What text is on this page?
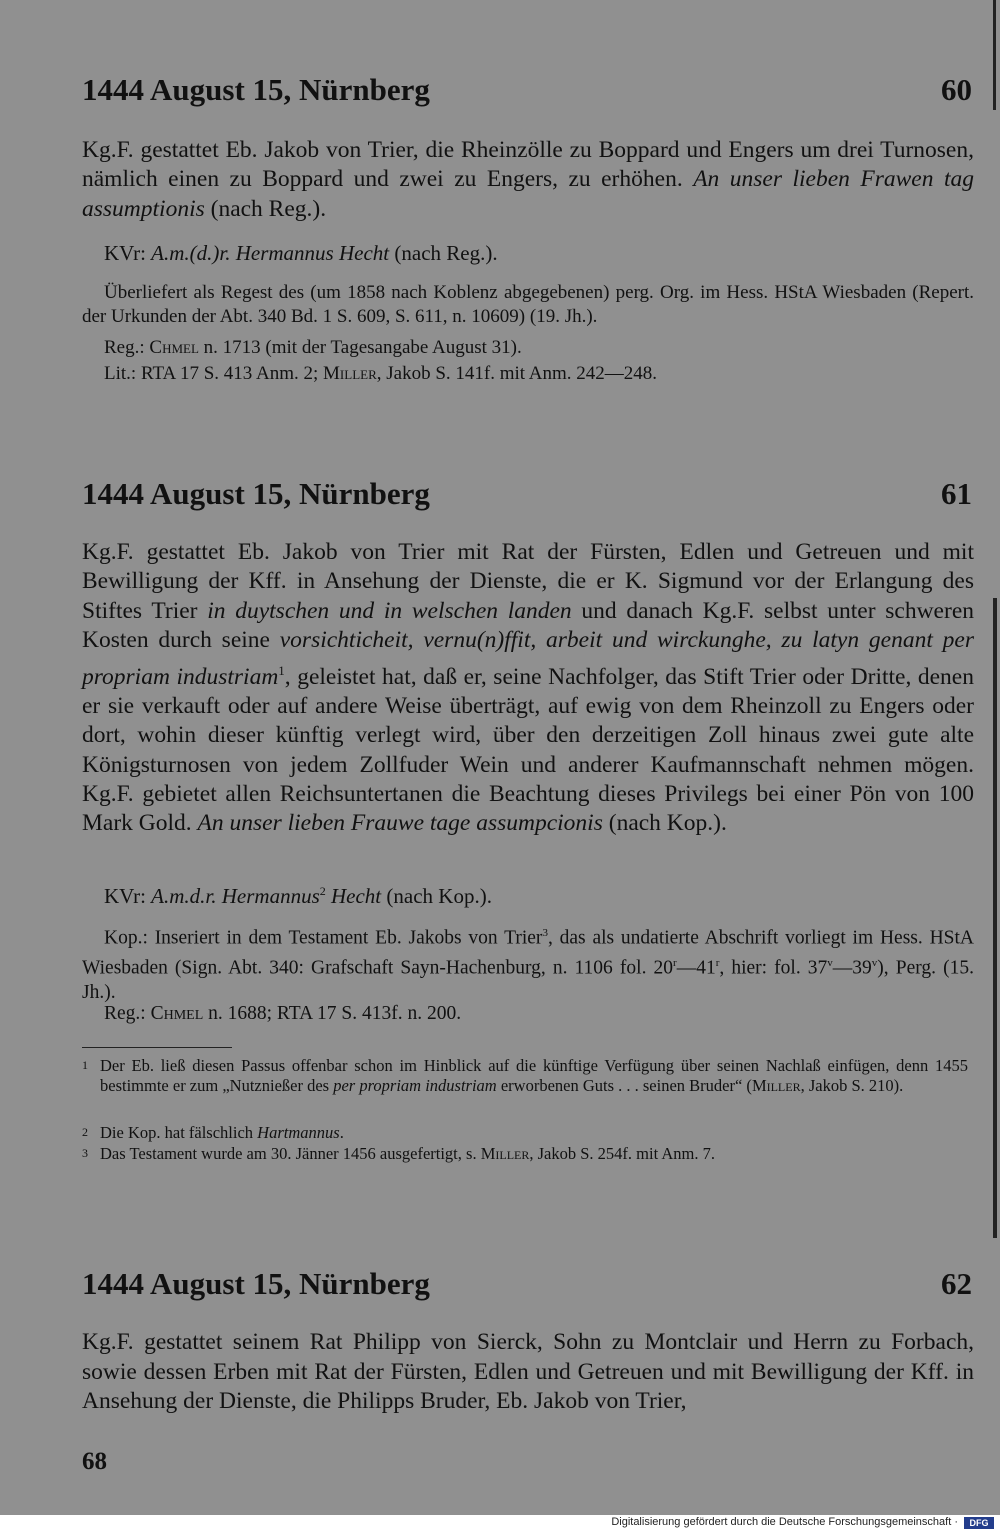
1444 August 15, Nürnberg	60

Kg.F. gestattet Eb. Jakob von Trier, die Rheinzölle zu Boppard und Engers um drei Turnosen, nämlich einen zu Boppard und zwei zu Engers, zu erhöhen. An unser lieben Frawen tag assumptionis (nach Reg.).

KVr: A.m.(d.)r. Hermannus Hecht (nach Reg.).

Überliefert als Regest des (um 1858 nach Koblenz abgegebenen) perg. Org. im Hess. HStA Wiesbaden (Repert. der Urkunden der Abt. 340 Bd. 1 S. 609, S. 611, n. 10609) (19. Jh.).

Reg.: Chmel n. 1713 (mit der Tagesangabe August 31).

Lit.: RTA 17 S. 413 Anm. 2; Miller, Jakob S. 141f. mit Anm. 242—248.

1444 August 15, Nürnberg	61

Kg.F. gestattet Eb. Jakob von Trier mit Rat der Fürsten, Edlen und Getreuen und mit Bewilligung der Kff. in Ansehung der Dienste, die er K. Sigmund vor der Erlangung des Stiftes Trier in duytschen und in welschen landen und danach Kg.F. selbst unter schweren Kosten durch seine vorsichticheit, vernu(n)ffit, arbeit und wirckunghe, zu latyn genant per propriam industriam$^1$, geleistet hat, daß er, seine Nachfolger, das Stift Trier oder Dritte, denen er sie verkauft oder auf andere Weise überträgt, auf ewig von dem Rheinzoll zu Engers oder dort, wohin dieser künftig verlegt wird, über den derzeitigen Zoll hinaus zwei gute alte Königsturnosen von jedem Zollfuder Wein und anderer Kaufmannschaft nehmen mögen. Kg.F. gebietet allen Reichsuntertanen die Beachtung dieses Privilegs bei einer Pön von 100 Mark Gold. An unser lieben Frauwe tage assumpcionis (nach Kop.).

KVr: A.m.d.r. Hermannus$^2$ Hecht (nach Kop.).

Kop.: Inseriert in dem Testament Eb. Jakobs von Trier$^3$, das als undatierte Abschrift vorliegt im Hess. HStA Wiesbaden (Sign. Abt. 340: Grafschaft Sayn-Hachenburg, n. 1106 fol. 20$^r$—41$^r$, hier: fol. 37$^v$—39$^v$), Perg. (15. Jh.).

Reg.: Chmel n. 1688; RTA 17 S. 413f. n. 200.

1 Der Eb. ließ diesen Passus offenbar schon im Hinblick auf die künftige Verfügung über seinen Nachlaß einfügen, denn 1455 bestimmte er zum „Nutznießer des per propriam industriam erworbenen Guts . . . seinen Bruder“ (Miller, Jakob S. 210).

2 Die Kop. hat fälschlich Hartmannus.

3 Das Testament wurde am 30. Jänner 1456 ausgefertigt, s. Miller, Jakob S. 254f. mit Anm. 7.

1444 August 15, Nürnberg	62

Kg.F. gestattet seinem Rat Philipp von Sierck, Sohn zu Montclair und Herrn zu Forbach, sowie dessen Erben mit Rat der Fürsten, Edlen und Getreuen und mit Bewilligung der Kff. in Ansehung der Dienste, die Philipps Bruder, Eb. Jakob von Trier,

68
Digitalisierung gefördert durch die Deutsche Forschungsgemeinschaft ·	DFG
